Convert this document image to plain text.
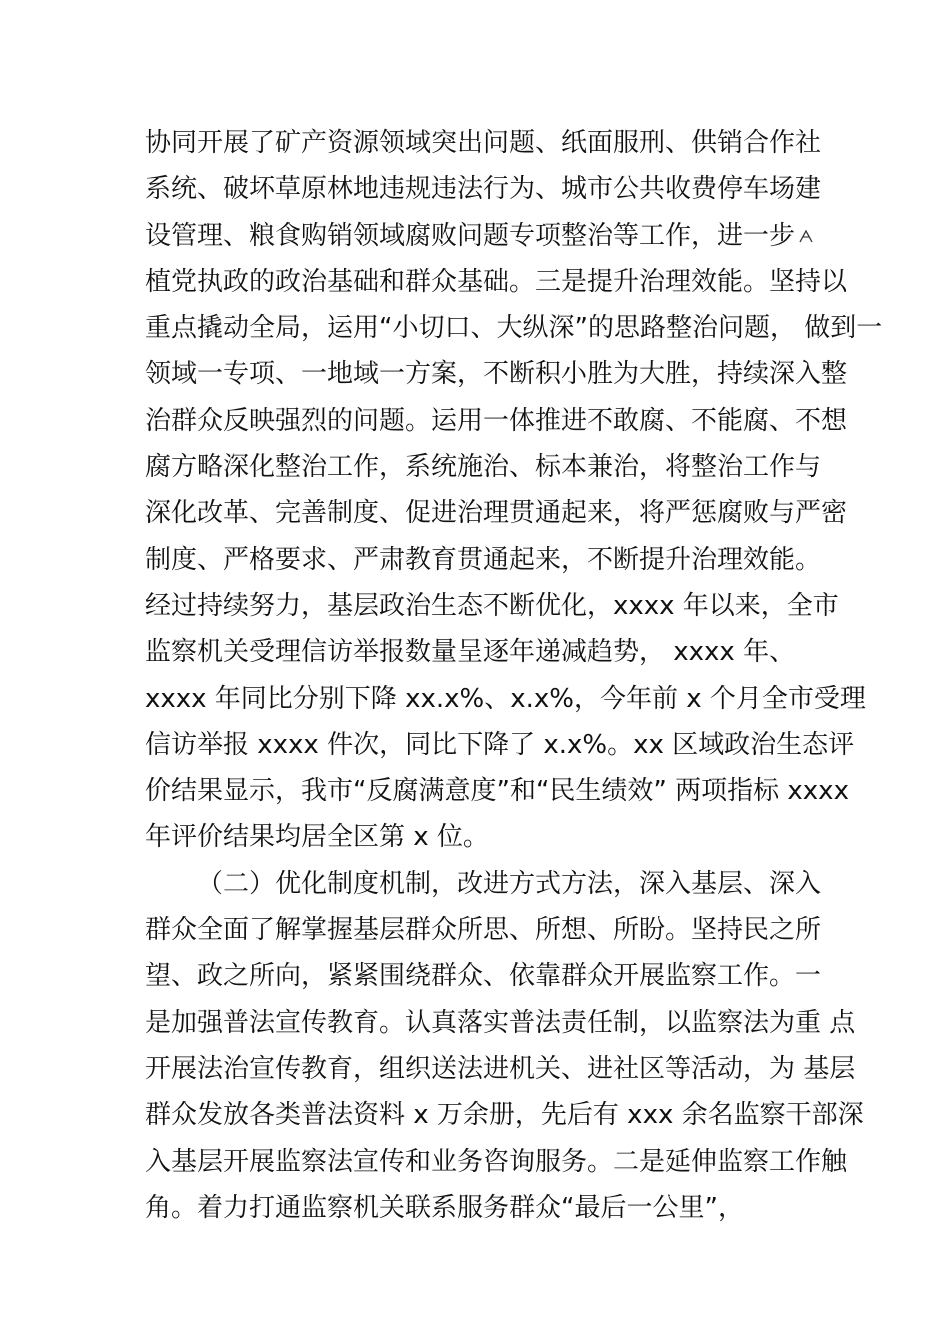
协同开展了矿产资源领域突出问题、纸面服刑、供销合作社
系统、破坏草原林地违规违法行为、城市公共收费停车场建
设管理、粮食购销领域腐败问题专项整治等工作，进一步
植党执政的政治基础和群众基础。三是提升治理效能。坚持以
重点撬动全局，运用“小切口、大纵深”的思路整治问题， 做到一
领域一专项、一地域一方案，不断积小胜为大胜，持续深入整
治群众反映强烈的问题。运用一体推进不敢腐、不能腐、不想
腐方略深化整治工作，系统施治、标本兼治，将整治工作与
深化改革、完善制度、促进治理贯通起来，将严惩腐败与严密
制度、严格要求、严肃教育贯通起来，不断提升治理效能。
经过持续努力，基层政治生态不断优化，xxxx 年以来，全市
监察机关受理信访举报数量呈逐年递减趋势， xxxx 年、
xxxx 年同比分别下降 xx.x%、x.x%，今年前 x 个月全市受理
信访举报 xxxx 件次，同比下降了 x.x%。xx 区域政治生态评
价结果显示，我市“反腐满意度”和“民生绩效” 两项指标 xxxx
年评价结果均居全区第 x 位。
（二）优化制度机制，改进方式方法，深入基层、深入
群众全面了解掌握基层群众所思、所想、所盼。坚持民之所
望、政之所向，紧紧围绕群众、依靠群众开展监察工作。一
是加强普法宣传教育。认真落实普法责任制，以监察法为重 点
开展法治宣传教育，组织送法进机关、进社区等活动，为 基层
群众发放各类普法资料 x 万余册，先后有 xxx 余名监察干部深
入基层开展监察法宣传和业务咨询服务。二是延伸监察工作触
角。着力打通监察机关联系服务群众“最后一公里”，
